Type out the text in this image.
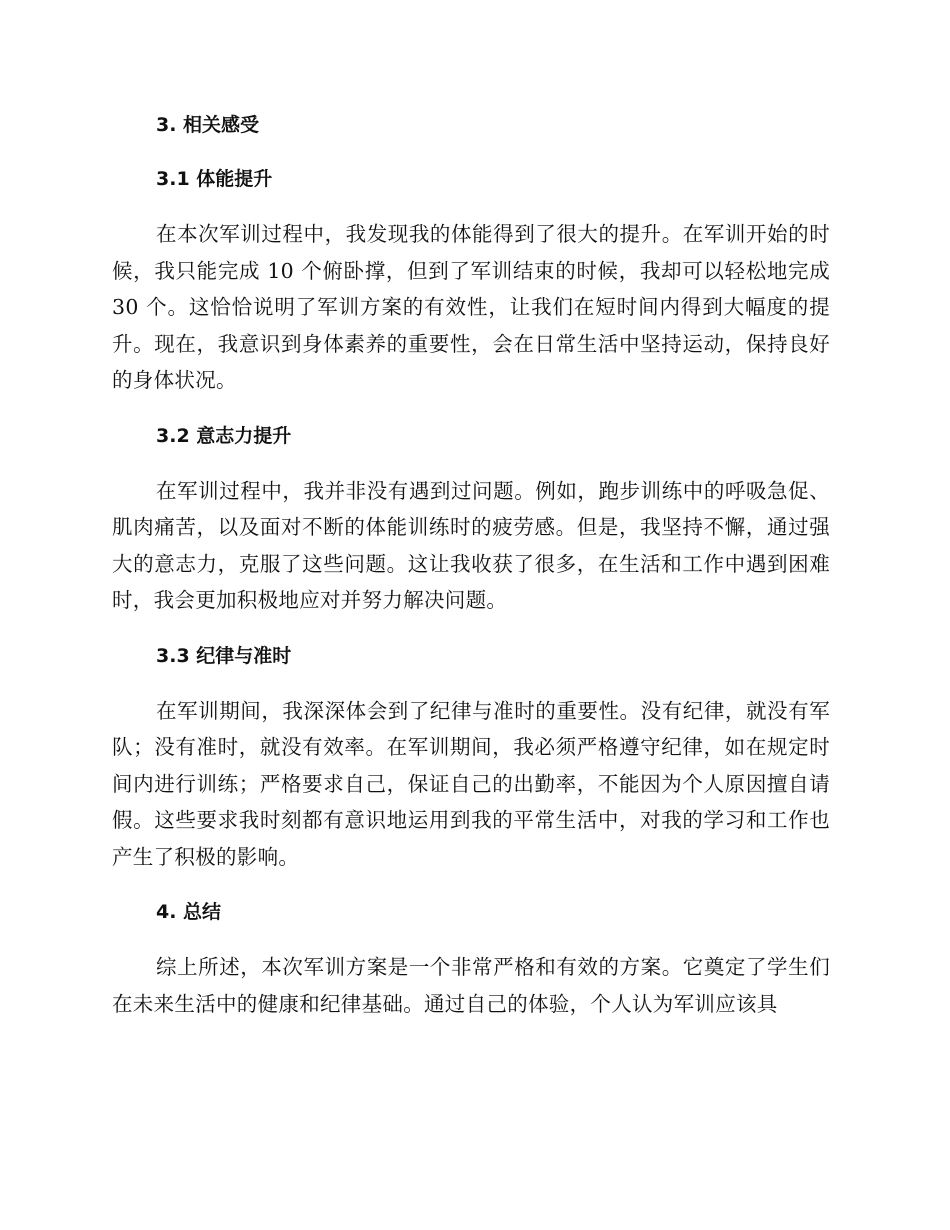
3. 相关感受
3.1 体能提升

在本次军训过程中，我发现我的体能得到了很大的提升。在军训开始的时候，我只能完成 10 个俯卧撑，但到了军训结束的时候，我却可以轻松地完成 30 个。这恰恰说明了军训方案的有效性，让我们在短时间内得到大幅度的提升。现在，我意识到身体素养的重要性，会在日常生活中坚持运动，保持良好的身体状况。

3.2 意志力提升

在军训过程中，我并非没有遇到过问题。例如，跑步训练中的呼吸急促、肌肉痛苦，以及面对不断的体能训练时的疲劳感。但是，我坚持不懈，通过强大的意志力，克服了这些问题。这让我收获了很多，在生活和工作中遇到困难时，我会更加积极地应对并努力解决问题。

3.3 纪律与准时

在军训期间，我深深体会到了纪律与准时的重要性。没有纪律，就没有军队；没有准时，就没有效率。在军训期间，我必须严格遵守纪律，如在规定时间内进行训练；严格要求自己，保证自己的出勤率，不能因为个人原因擅自请假。这些要求我时刻都有意识地运用到我的平常生活中，对我的学习和工作也产生了积极的影响。

4. 总结

综上所述，本次军训方案是一个非常严格和有效的方案。它奠定了学生们在未来生活中的健康和纪律基础。通过自己的体验，个人认为军训应该具
